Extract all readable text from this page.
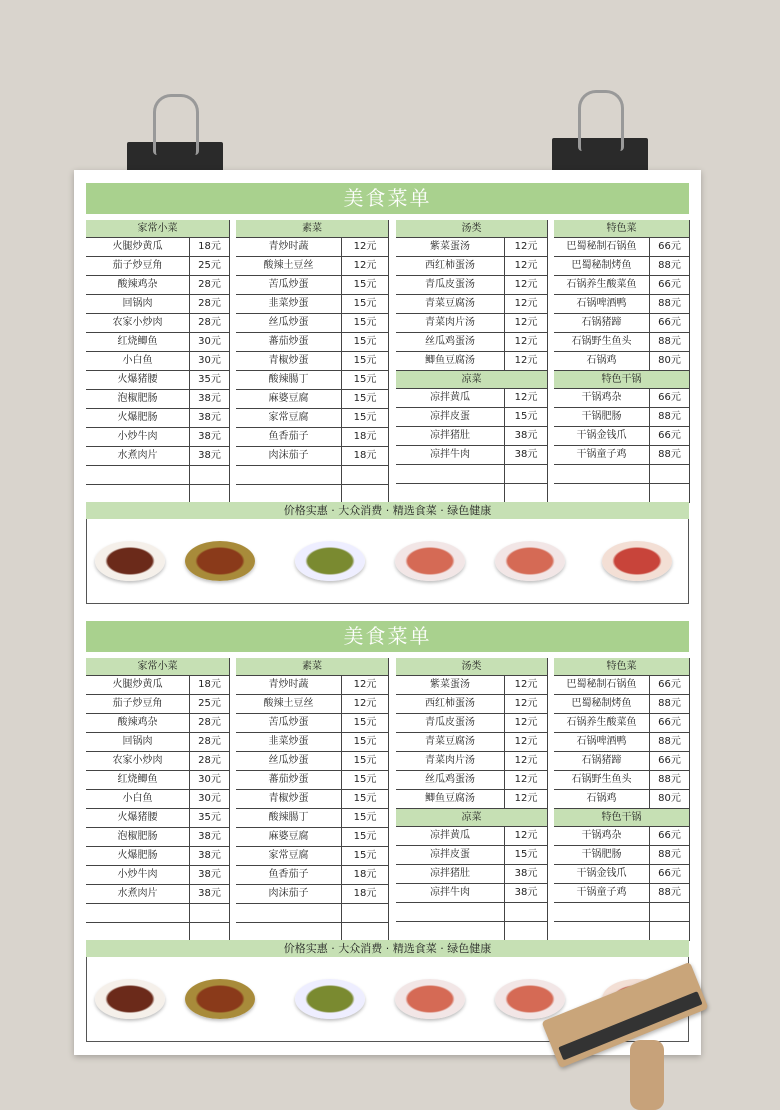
美食菜单
家常小菜
火腿炒黄瓜	18元
茄子炒豆角	25元
酸辣鸡杂	28元
回锅肉	28元
农家小炒肉	28元
红烧鲫鱼	30元
小白鱼	30元
火爆猪腰	35元
泡椒肥肠	38元
火爆肥肠	38元
小炒牛肉	38元
水煮肉片	38元
素菜
青炒时蔬	12元
酸辣土豆丝	12元
苦瓜炒蛋	15元
韭菜炒蛋	15元
丝瓜炒蛋	15元
蕃茄炒蛋	15元
青椒炒蛋	15元
酸辣腸丁	15元
麻婆豆腐	15元
家常豆腐	15元
鱼香茄子	18元
肉沫茄子	18元
汤类
紫菜蛋汤	12元
西红柿蛋汤	12元
青瓜皮蛋汤	12元
青菜豆腐汤	12元
青菜肉片汤	12元
丝瓜鸡蛋汤	12元
鲫鱼豆腐汤	12元
凉菜
凉拌黄瓜	12元
凉拌皮蛋	15元
凉拌猪肚	38元
凉拌牛肉	38元
特色菜
巴蜀秘制石锅鱼	66元
巴蜀秘制烤鱼	88元
石锅养生酸菜鱼	66元
石锅啤酒鸭	88元
石锅猪蹄	66元
石锅野生鱼头	88元
石锅鸡	80元
特色干锅
干锅鸡杂	66元
干锅肥肠	88元
干锅金钱爪	66元
干锅童子鸡	88元
价格实惠 · 大众消费 · 精选食菜 · 绿色健康
美食菜单
家常小菜
火腿炒黄瓜	18元
茄子炒豆角	25元
酸辣鸡杂	28元
回锅肉	28元
农家小炒肉	28元
红烧鲫鱼	30元
小白鱼	30元
火爆猪腰	35元
泡椒肥肠	38元
火爆肥肠	38元
小炒牛肉	38元
水煮肉片	38元
素菜
青炒时蔬	12元
酸辣土豆丝	12元
苦瓜炒蛋	15元
韭菜炒蛋	15元
丝瓜炒蛋	15元
蕃茄炒蛋	15元
青椒炒蛋	15元
酸辣腸丁	15元
麻婆豆腐	15元
家常豆腐	15元
鱼香茄子	18元
肉沫茄子	18元
汤类
紫菜蛋汤	12元
西红柿蛋汤	12元
青瓜皮蛋汤	12元
青菜豆腐汤	12元
青菜肉片汤	12元
丝瓜鸡蛋汤	12元
鲫鱼豆腐汤	12元
凉菜
凉拌黄瓜	12元
凉拌皮蛋	15元
凉拌猪肚	38元
凉拌牛肉	38元
特色菜
巴蜀秘制石锅鱼	66元
巴蜀秘制烤鱼	88元
石锅养生酸菜鱼	66元
石锅啤酒鸭	88元
石锅猪蹄	66元
石锅野生鱼头	88元
石锅鸡	80元
特色干锅
干锅鸡杂	66元
干锅肥肠	88元
干锅金钱爪	66元
干锅童子鸡	88元
价格实惠 · 大众消费 · 精选食菜 · 绿色健康
